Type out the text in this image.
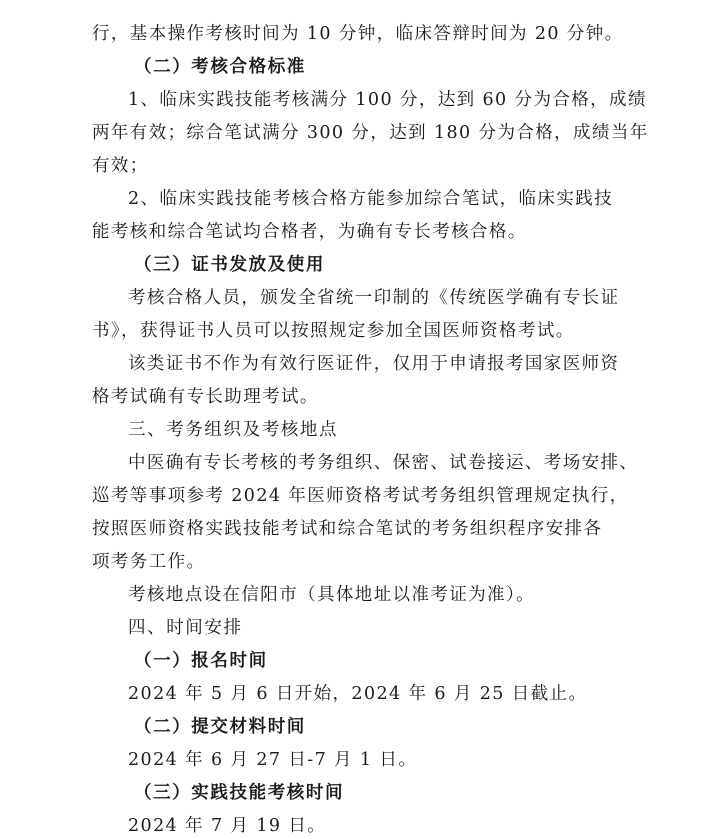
行，基本操作考核时间为 10 分钟，临床答辩时间为 20 分钟。
（二）考核合格标准
1、临床实践技能考核满分 100 分，达到 60 分为合格，成绩
两年有效；综合笔试满分 300 分，达到 180 分为合格，成绩当年
有效；
2、临床实践技能考核合格方能参加综合笔试，临床实践技
能考核和综合笔试均合格者，为确有专长考核合格。
（三）证书发放及使用
考核合格人员，颁发全省统一印制的《传统医学确有专长证
书》，获得证书人员可以按照规定参加全国医师资格考试。
该类证书不作为有效行医证件，仅用于申请报考国家医师资
格考试确有专长助理考试。
三、考务组织及考核地点
中医确有专长考核的考务组织、保密、试卷接运、考场安排、
巡考等事项参考 2024 年医师资格考试考务组织管理规定执行，
按照医师资格实践技能考试和综合笔试的考务组织程序安排各
项考务工作。
考核地点设在信阳市（具体地址以准考证为准）。
四、时间安排
（一）报名时间
2024 年 5 月 6 日开始，2024 年 6 月 25 日截止。
（二）提交材料时间
2024 年 6 月 27 日-7 月 1 日。
（三）实践技能考核时间
2024 年 7 月 19 日。
